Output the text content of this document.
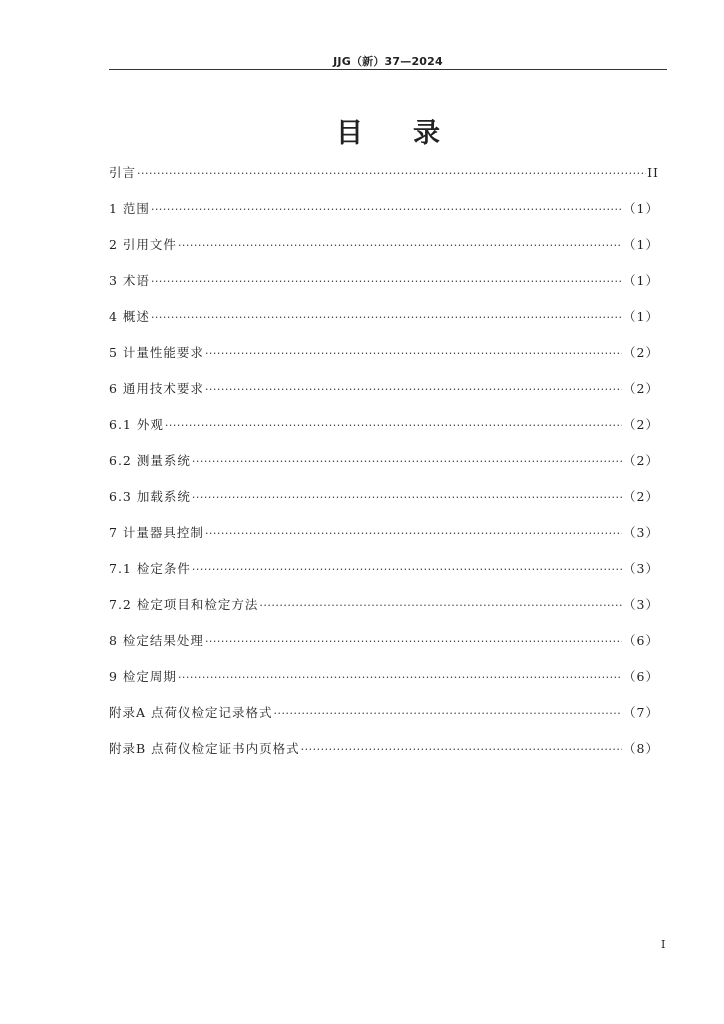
JJG（新）37—2024
目录
引言 ·····	II
1 范围 ·····	（1）
2 引用文件 ·····	（1）
3 术语 ·····	（1）
4 概述 ·····	（1）
5 计量性能要求 ·····	（2）
6 通用技术要求 ·····	（2）
6.1 外观 ·····	（2）
6.2 测量系统 ·····	（2）
6.3 加载系统 ·····	（2）
7 计量器具控制 ·····	（3）
7.1 检定条件 ·····	（3）
7.2 检定项目和检定方法 ·····	（3）
8 检定结果处理 ·····	（6）
9 检定周期 ·····	（6）
附录A 点荷仪检定记录格式 ·····	（7）
附录B 点荷仪检定证书内页格式 ·····	（8）
I
